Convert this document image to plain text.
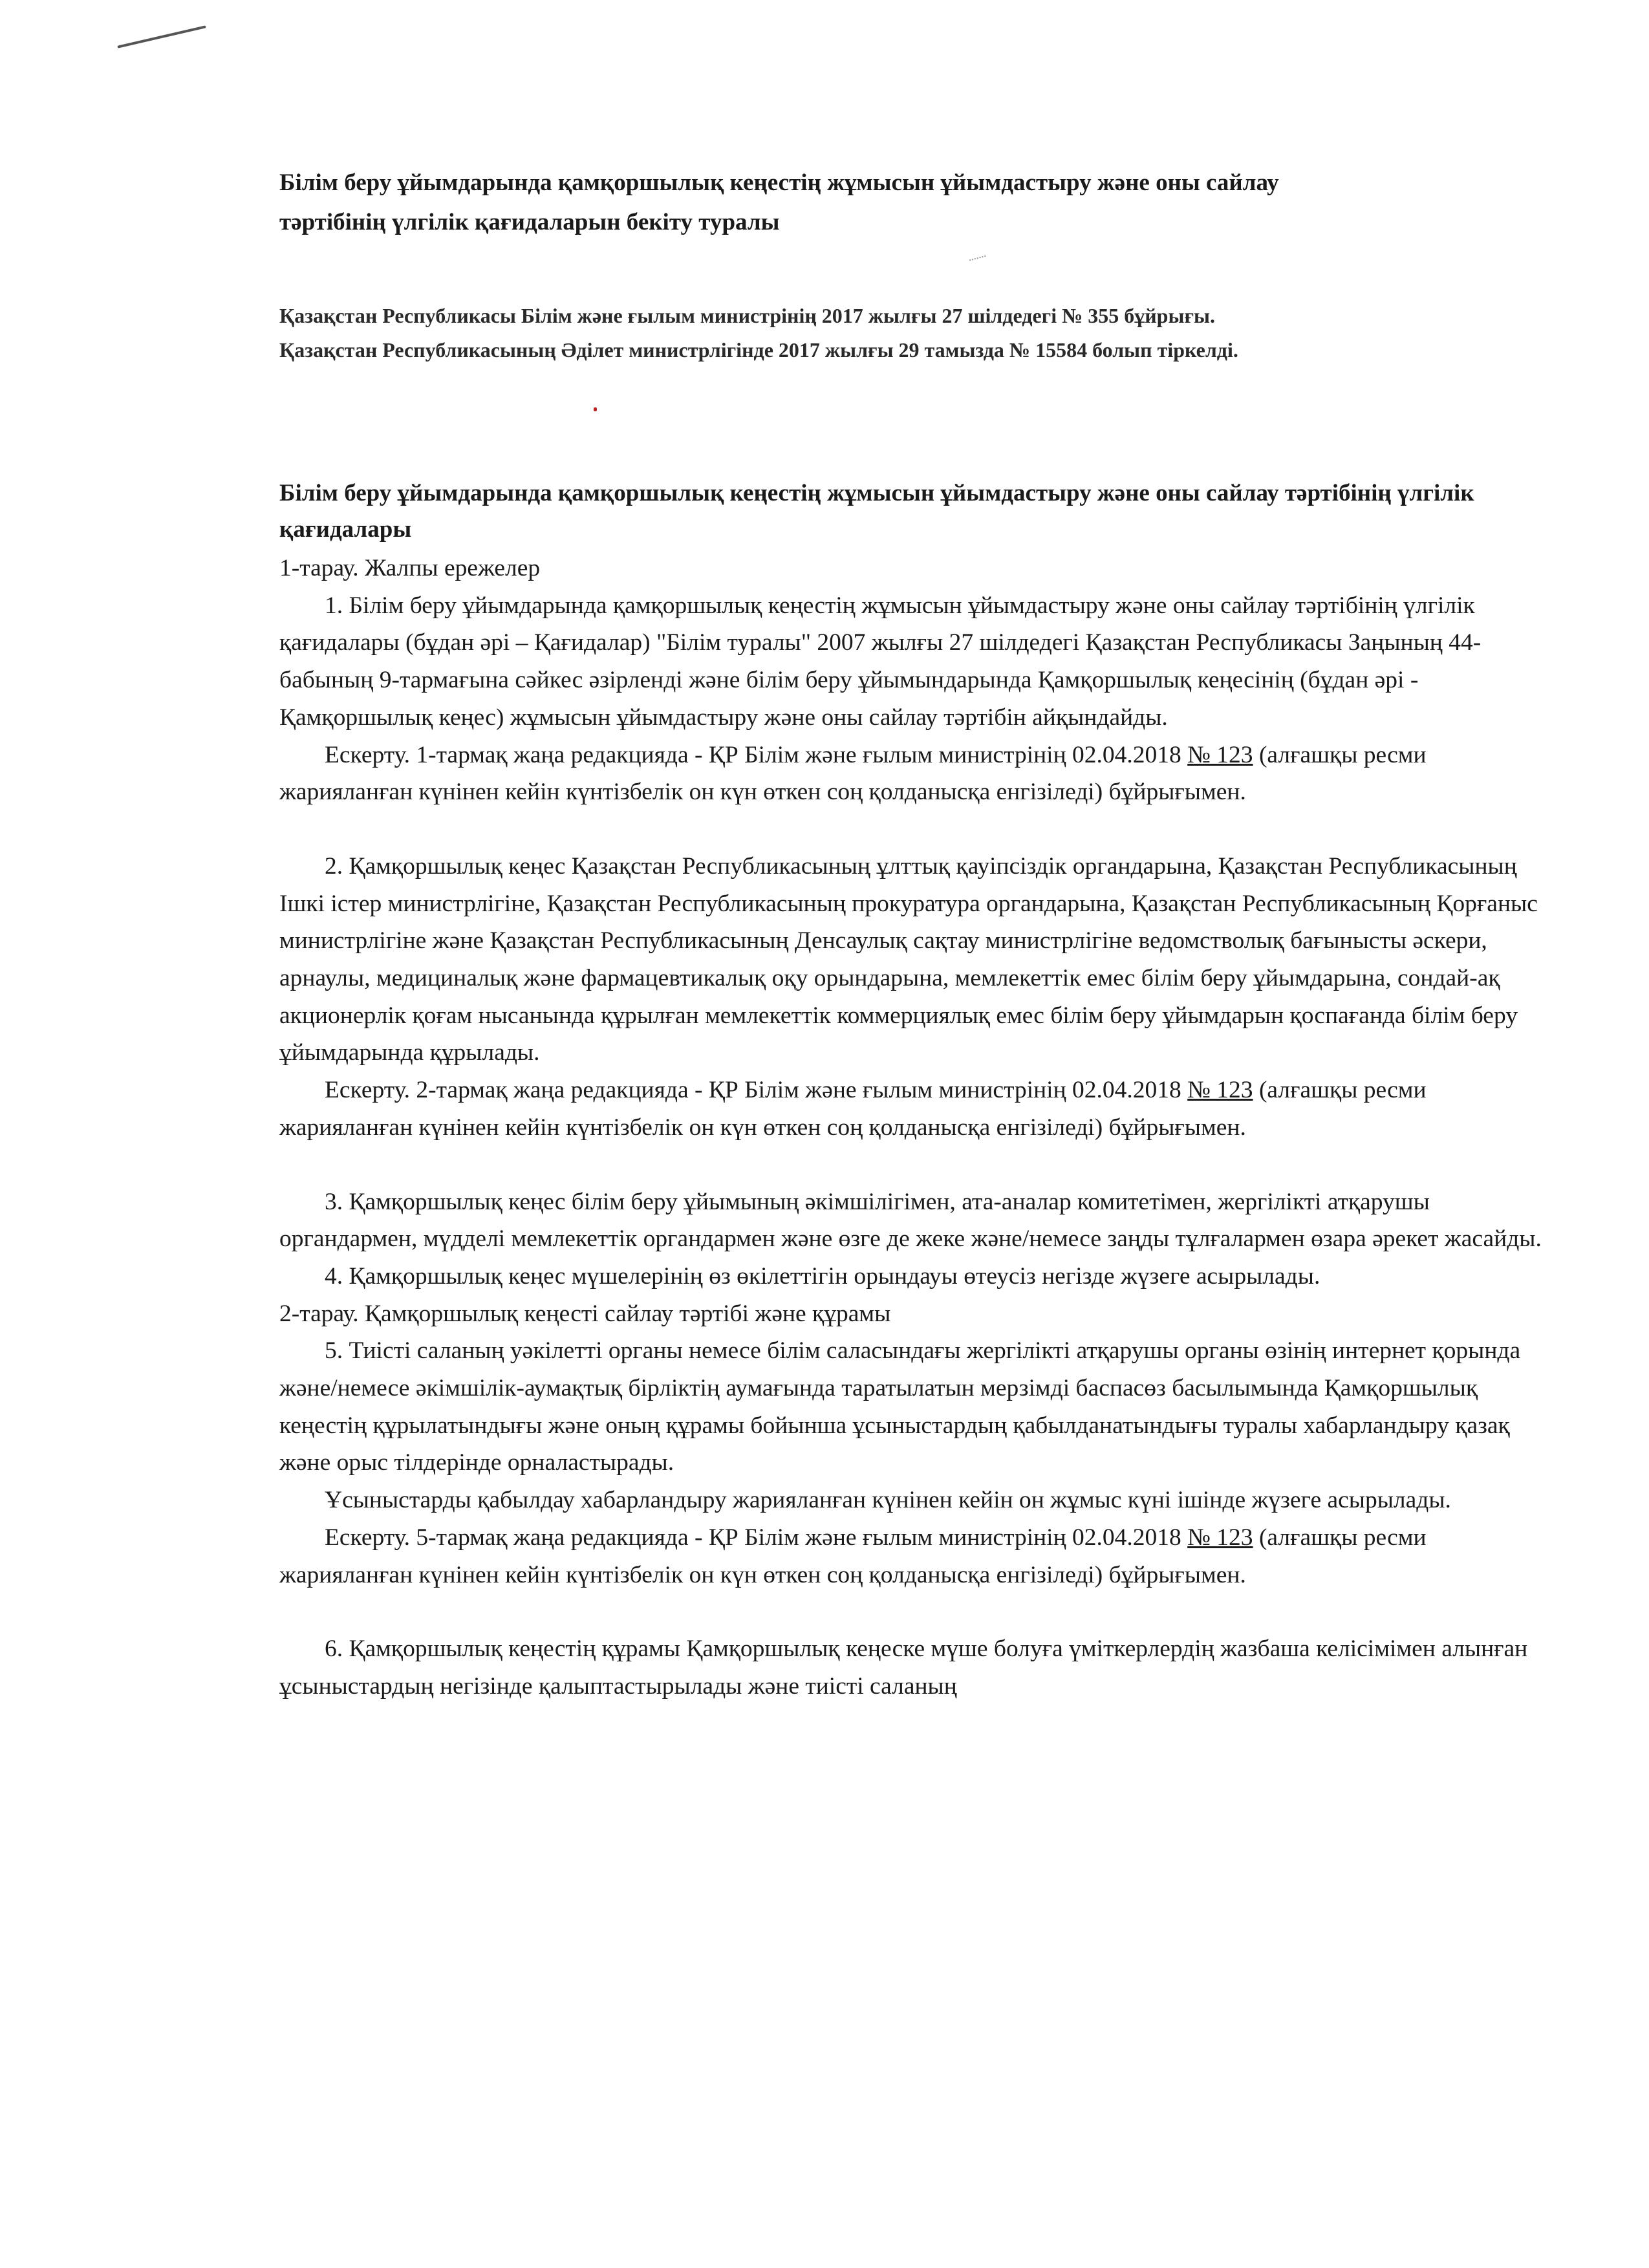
Білім беру ұйымдарында қамқоршылық кеңестің жұмысын ұйымдастыру және оны сайлау тәртібінің үлгілік қағидаларын бекіту туралы
Қазақстан Республикасы Білім және ғылым министрінің 2017 жылғы 27 шілдедегі № 355 бұйрығы. Қазақстан Республикасының Әділет министрлігінде 2017 жылғы 29 тамызда № 15584 болып тіркелді.
Білім беру ұйымдарында қамқоршылық кеңестің жұмысын ұйымдастыру және оны сайлау тәртібінің үлгілік қағидалары

1-тарау. Жалпы ережелер

1. Білім беру ұйымдарында қамқоршылық кеңестің жұмысын ұйымдастыру және оны сайлау тәртібінің үлгілік қағидалары (бұдан әрі – Қағидалар) "Білім туралы" 2007 жылғы 27 шілдедегі Қазақстан Республикасы Заңының 44-бабының 9-тармағына сәйкес әзірленді және білім беру ұйымындарында Қамқоршылық кеңесінің (бұдан әрі - Қамқоршылық кеңес) жұмысын ұйымдастыру және оны сайлау тәртібін айқындайды.

Ескерту. 1-тармақ жаңа редакцияда - ҚР Білім және ғылым министрінің 02.04.2018 № 123 (алғашқы ресми жарияланған күнінен кейін күнтізбелік он күн өткен соң қолданысқа енгізіледі) бұйрығымен.

2. Қамқоршылық кеңес Қазақстан Республикасының ұлттық қауіпсіздік органдарына, Қазақстан Республикасының Ішкі істер министрлігіне, Қазақстан Республикасының прокуратура органдарына, Қазақстан Республикасының Қорғаныс министрлігіне және Қазақстан Республикасының Денсаулық сақтау министрлігіне ведомстволық бағынысты әскери, арнаулы, медициналық және фармацевтикалық оқу орындарына, мемлекеттік емес білім беру ұйымдарына, сондай-ақ акционерлік қоғам нысанында құрылған мемлекеттік коммерциялық емес білім беру ұйымдарын қоспағанда білім беру ұйымдарында құрылады.

Ескерту. 2-тармақ жаңа редакцияда - ҚР Білім және ғылым министрінің 02.04.2018 № 123 (алғашқы ресми жарияланған күнінен кейін күнтізбелік он күн өткен соң қолданысқа енгізіледі) бұйрығымен.

3. Қамқоршылық кеңес білім беру ұйымының әкімшілігімен, ата-аналар комитетімен, жергілікті атқарушы органдармен, мүдделі мемлекеттік органдармен және өзге де жеке және/немесе заңды тұлғалармен өзара әрекет жасайды.

4. Қамқоршылық кеңес мүшелерінің өз өкілеттігін орындауы өтеусіз негізде жүзеге асырылады.

2-тарау. Қамқоршылық кеңесті сайлау тәртібі және құрамы

5. Тиісті саланың уәкілетті органы немесе білім саласындағы жергілікті атқарушы органы өзінің интернет қорында және/немесе әкімшілік-аумақтық бірліктің аумағында таратылатын мерзімді баспасөз басылымында Қамқоршылық кеңестің құрылатындығы және оның құрамы бойынша ұсыныстардың қабылданатындығы туралы хабарландыру қазақ және орыс тілдерінде орналастырады.

Ұсыныстарды қабылдау хабарландыру жарияланған күнінен кейін он жұмыс күні ішінде жүзеге асырылады.

Ескерту. 5-тармақ жаңа редакцияда - ҚР Білім және ғылым министрінің 02.04.2018 № 123 (алғашқы ресми жарияланған күнінен кейін күнтізбелік он күн өткен соң қолданысқа енгізіледі) бұйрығымен.

6. Қамқоршылық кеңестің құрамы Қамқоршылық кеңеске мүше болуға үміткерлердің жазбаша келісімімен алынған ұсыныстардың негізінде қалыптастырылады және тиісті саланың
